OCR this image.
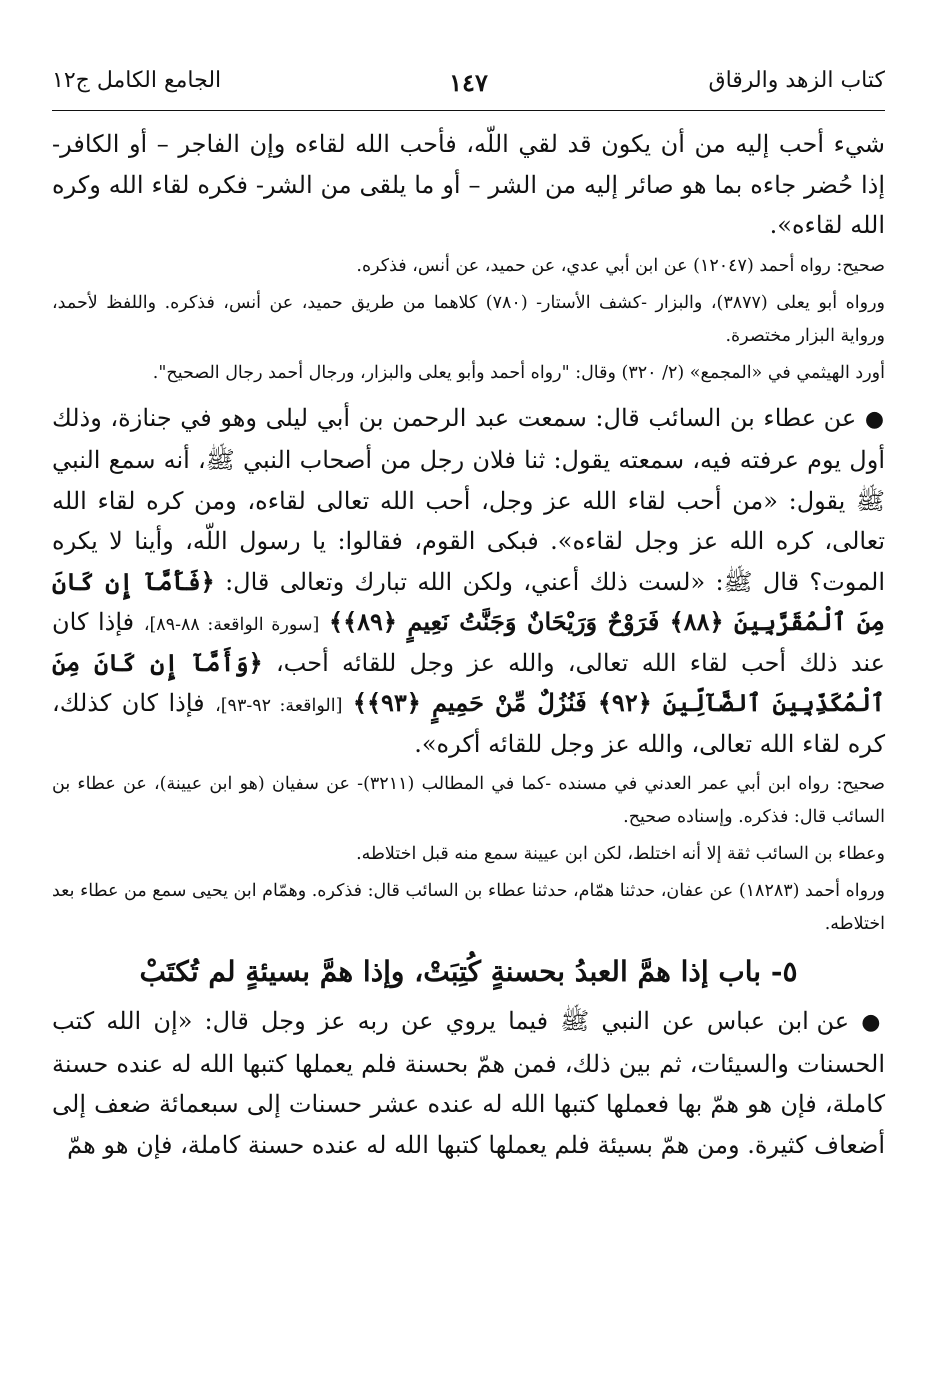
كتاب الزهد والرقاق
١٤٧
الجامع الكامل ج١٢

شيء أحب إليه من أن يكون قد لقي اللّه، فأحب الله لقاءه وإن الفاجر – أو الكافر- إذا حُضر جاءه بما هو صائر إليه من الشر – أو ما يلقى من الشر- فكره لقاء الله وكره الله لقاءه».

صحيح: رواه أحمد (١٢٠٤٧) عن ابن أبي عدي، عن حميد، عن أنس، فذكره.

ورواه أبو يعلى (٣٨٧٧)، والبزار -كشف الأستار- (٧٨٠) كلاهما من طريق حميد، عن أنس، فذكره. واللفظ لأحمد، ورواية البزار مختصرة.

أورد الهيثمي في «المجمع» (٢/ ٣٢٠) وقال: "رواه أحمد وأبو يعلى والبزار، ورجال أحمد رجال الصحيح".

● عن عطاء بن السائب قال: سمعت عبد الرحمن بن أبي ليلى وهو في جنازة، وذلك أول يوم عرفته فيه، سمعته يقول: ثنا فلان رجل من أصحاب النبي ﷺ، أنه سمع النبي ﷺ يقول: «من أحب لقاء الله عز وجل، أحب الله تعالى لقاءه، ومن كره لقاء الله تعالى، كره الله عز وجل لقاءه». فبكى القوم، فقالوا: يا رسول اللّه، وأينا لا يكره الموت؟ قال ﷺ: «لست ذلك أعني، ولكن الله تبارك وتعالى قال: ﴿فَأَمَّآ إِن كَانَ مِنَ ٱلْمُقَرَّبِينَ ﴿٨٨﴾ فَرَوْحٌ وَرَيْحَانٌ وَجَنَّتُ نَعِيمٍ ﴿٨٩﴾﴾ [سورة الواقعة: ٨٨-٨٩]، فإذا كان عند ذلك أحب لقاء الله تعالى، والله عز وجل للقائه أحب، ﴿وَأَمَّآ إِن كَانَ مِنَ ٱلْمُكَذِّبِينَ ٱلضَّآلِّينَ ﴿٩٢﴾ فَنُزُلٌ مِّنْ حَمِيمٍ ﴿٩٣﴾﴾ [الواقعة: ٩٢-٩٣]، فإذا كان كذلك، كره لقاء الله تعالى، والله عز وجل للقائه أكره».

صحيح: رواه ابن أبي عمر العدني في مسنده -كما في المطالب (٣٢١١)- عن سفيان (هو ابن عيينة)، عن عطاء بن السائب قال: فذكره. وإسناده صحيح.

وعطاء بن السائب ثقة إلا أنه اختلط، لكن ابن عيينة سمع منه قبل اختلاطه.

ورواه أحمد (١٨٢٨٣) عن عفان، حدثنا همّام، حدثنا عطاء بن السائب قال: فذكره. وهمّام ابن يحيى سمع من عطاء بعد اختلاطه.

٥- باب إذا همَّ العبدُ بحسنةٍ كُتِبَتْ، وإذا همَّ بسيئةٍ لم تُكتَبْ

● عن ابن عباس عن النبي ﷺ فيما يروي عن ربه عز وجل قال: «إن الله كتب الحسنات والسيئات، ثم بين ذلك، فمن همّ بحسنة فلم يعملها كتبها الله له عنده حسنة كاملة، فإن هو همّ بها فعملها كتبها الله له عنده عشر حسنات إلى سبعمائة ضعف إلى أضعاف كثيرة. ومن همّ بسيئة فلم يعملها كتبها الله له عنده حسنة كاملة، فإن هو همّ
